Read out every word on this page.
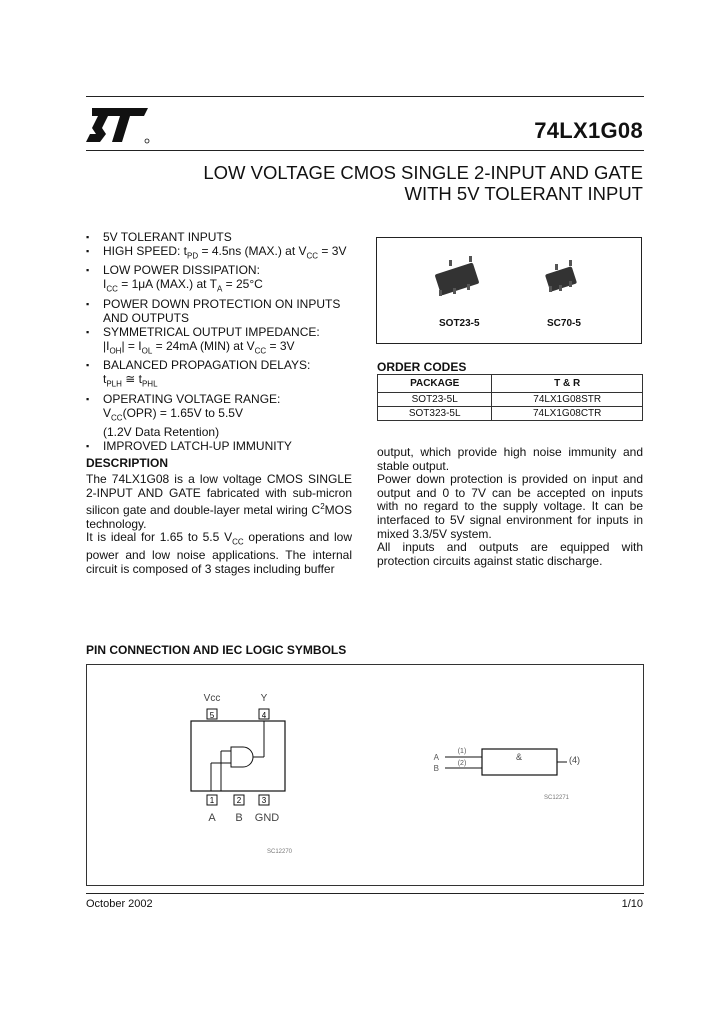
74LX1G08
LOW VOLTAGE CMOS SINGLE 2-INPUT AND GATE
WITH 5V TOLERANT INPUT
▪ 5V TOLERANT INPUTS
▪ HIGH SPEED: $t_{PD} = 4.5ns$ (MAX.) at $V_{CC} = 3V$
▪ LOW POWER DISSIPATION:
$I_{CC} = 1\mu A$ (MAX.) at $T_A = 25^\circ C$
▪ POWER DOWN PROTECTION ON INPUTS
AND OUTPUTS
▪ SYMMETRICAL OUTPUT IMPEDANCE:
$|I_{OH}| = I_{OL} = 24mA$ (MIN) at $V_{CC} = 3V$
▪ BALANCED PROPAGATION DELAYS:
$t_{PLH}$ ≅ $t_{PHL}$
▪ OPERATING VOLTAGE RANGE:
$V_{CC}(OPR) = 1.65V$ to 5.5V
(1.2V Data Retention)
▪ IMPROVED LATCH-UP IMMUNITY
SOT23-5	SC70-5
ORDER CODES
PACKAGE	T & R
SOT23-5L	74LX1G08STR
SOT323-5L	74LX1G08CTR
DESCRIPTION
The 74LX1G08 is a low voltage CMOS SINGLE 2-INPUT AND GATE fabricated with sub-micron silicon gate and double-layer metal wiring $C^2MOS$ technology.
It is ideal for 1.65 to 5.5 $V_{CC}$ operations and low power and low noise applications. The internal circuit is composed of 3 stages including buffer
output, which provide high noise immunity and stable output.
Power down protection is provided on input and output and 0 to 7V can be accepted on inputs with no regard to the supply voltage. It can be interfaced to 5V signal environment for inputs in mixed 3.3/5V system.
All inputs and outputs are equipped with protection circuits against static discharge.
PIN CONNECTION AND IEC LOGIC SYMBOLS
5	4
1	2	3
Vcc	Y
A B GND
SC12270
A
B
(1)
(2)
&	(4)
SC12271
October 2002	1/10
